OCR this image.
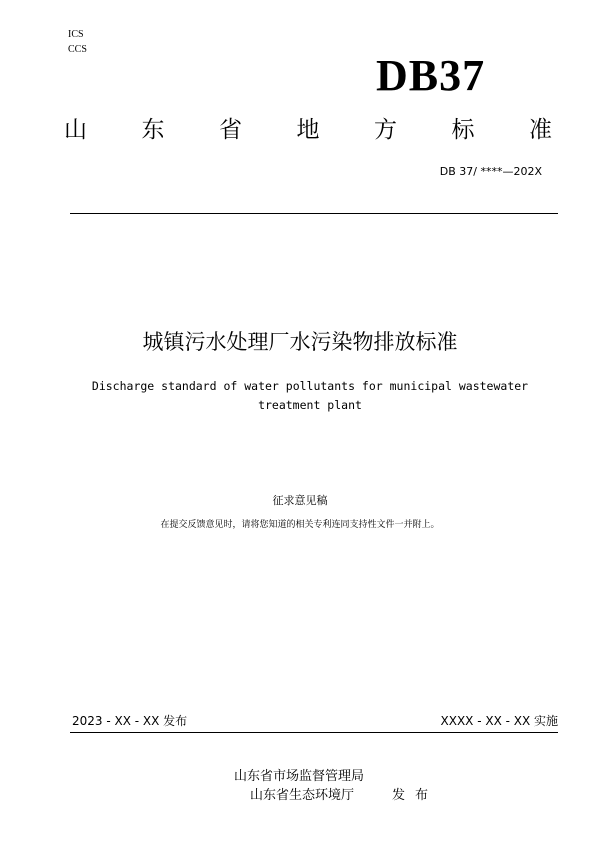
ICS
CCS
DB37
山 东 省 地 方 标 准
DB 37/ ****—202X
城镇污水处理厂水污染物排放标准
Discharge standard of water pollutants for municipal wastewater treatment plant
征求意见稿
在提交反馈意见时，请将您知道的相关专利连同支持性文件一并附上。
2023 - XX - XX 发布	XXXX - XX - XX 实施
山东省市场监督管理局
山东省生态环境厅	发布
